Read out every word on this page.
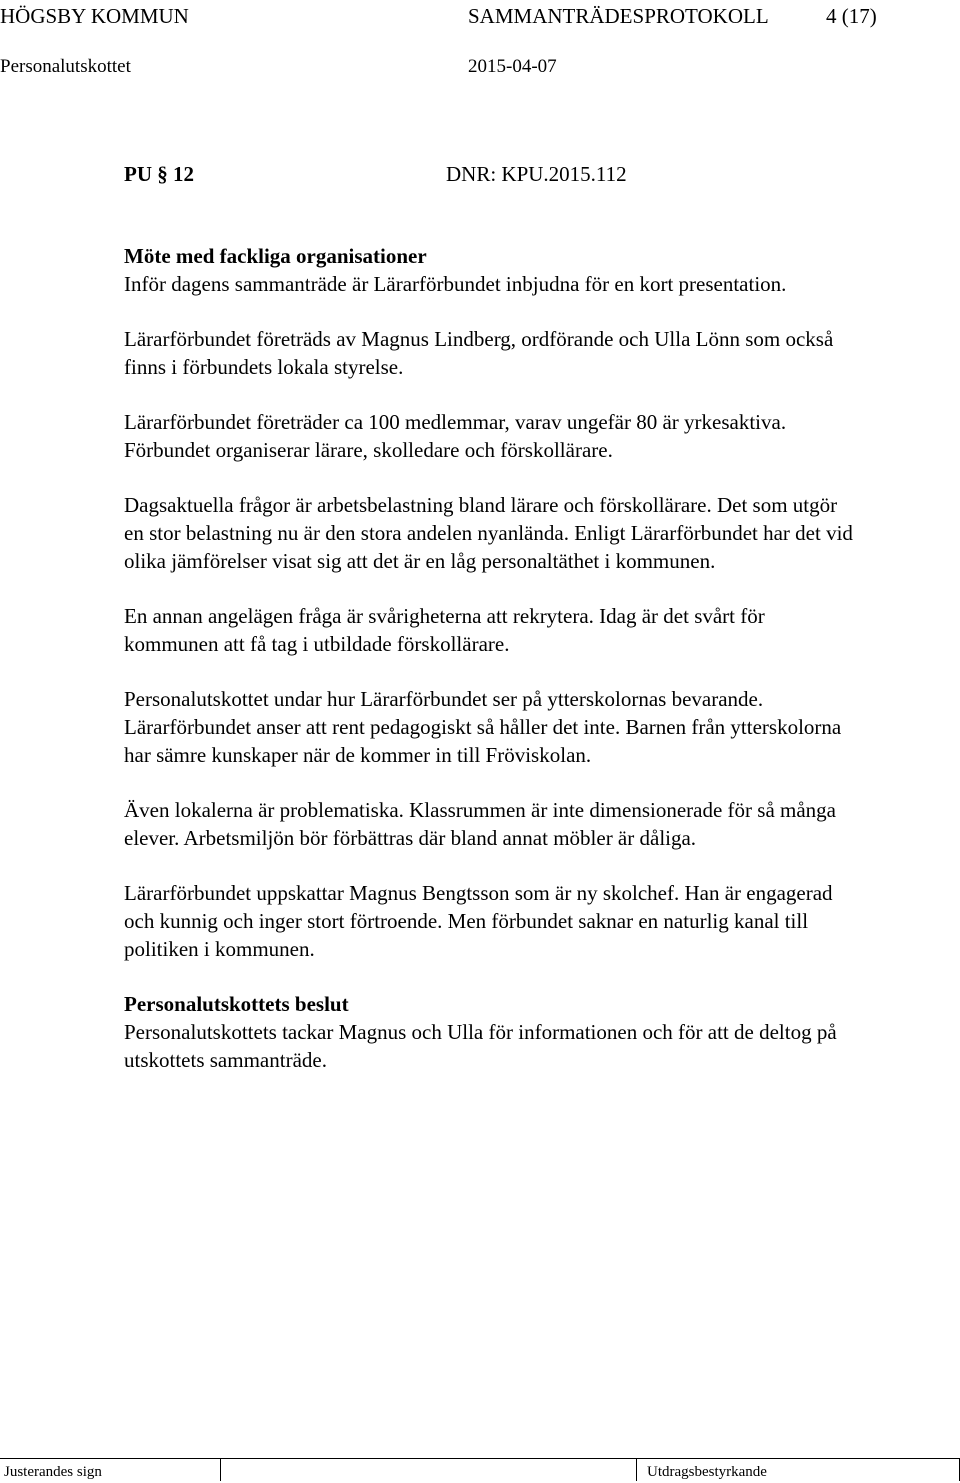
HÖGSBY KOMMUN	SAMMANTRÄDESPROTOKOLL	4 (17)
Personalutskottet	2015-04-07
PU § 12	DNR: KPU.2015.112

Möte med fackliga organisationer

Inför dagens sammanträde är Lärarförbundet inbjudna för en kort presentation.

Lärarförbundet företräds av Magnus Lindberg, ordförande och Ulla Lönn som också finns i förbundets lokala styrelse.

Lärarförbundet företräder ca 100 medlemmar, varav ungefär 80 är yrkesaktiva. Förbundet organiserar lärare, skolledare och förskollärare.

Dagsaktuella frågor är arbetsbelastning bland lärare och förskollärare. Det som utgör en stor belastning nu är den stora andelen nyanlända. Enligt Lärarförbundet har det vid olika jämförelser visat sig att det är en låg personaltäthet i kommunen.

En annan angelägen fråga är svårigheterna att rekrytera. Idag är det svårt för kommunen att få tag i utbildade förskollärare.

Personalutskottet undar hur Lärarförbundet ser på ytterskolornas bevarande. Lärarförbundet anser att rent pedagogiskt så håller det inte. Barnen från ytterskolorna har sämre kunskaper när de kommer in till Fröviskolan.

Även lokalerna är problematiska. Klassrummen är inte dimensionerade för så många elever. Arbetsmiljön bör förbättras där bland annat möbler är dåliga.

Lärarförbundet uppskattar Magnus Bengtsson som är ny skolchef. Han är engagerad och kunnig och inger stort förtroende. Men förbundet saknar en naturlig kanal till politiken i kommunen.

Personalutskottets beslut

Personalutskottets tackar Magnus och Ulla för informationen och för att de deltog på utskottets sammanträde.

Justerandes sign	Utdragsbestyrkande
